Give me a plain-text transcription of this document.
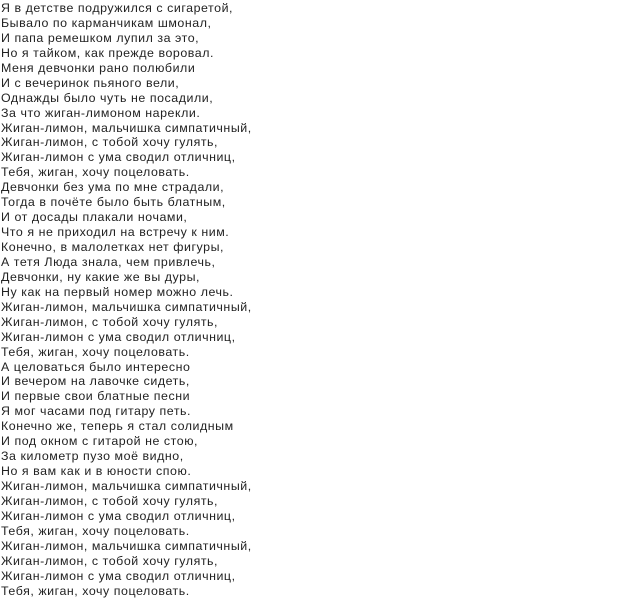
Я в детстве подружился с сигаретой,
Бывало по карманчикам шмонал,
И папа ремешком лупил за это,
Но я тайком, как прежде воровал.
Меня девчонки рано полюбили
И с вечеринок пьяного вели,
Однажды было чуть не посадили,
За что жиган-лимоном нарекли.
Жиган-лимон, мальчишка симпатичный,
Жиган-лимон, с тобой хочу гулять,
Жиган-лимон с ума сводил отличниц,
Тебя, жиган, хочу поцеловать.
Девчонки без ума по мне страдали,
Тогда в почёте было быть блатным,
И от досады плакали ночами,
Что я не приходил на встречу к ним.
Конечно, в малолетках нет фигуры,
А тетя Люда знала, чем привлечь,
Девчонки, ну какие же вы дуры,
Ну как на первый номер можно лечь.
Жиган-лимон, мальчишка симпатичный,
Жиган-лимон, с тобой хочу гулять,
Жиган-лимон с ума сводил отличниц,
Тебя, жиган, хочу поцеловать.
А целоваться было интересно
И вечером на лавочке сидеть,
И первые свои блатные песни
Я мог часами под гитару петь.
Конечно же, теперь я стал солидным
И под окном с гитарой не стою,
За километр пузо моё видно,
Но я вам как и в юности спою.
Жиган-лимон, мальчишка симпатичный,
Жиган-лимон, с тобой хочу гулять,
Жиган-лимон с ума сводил отличниц,
Тебя, жиган, хочу поцеловать.
Жиган-лимон, мальчишка симпатичный,
Жиган-лимон, с тобой хочу гулять,
Жиган-лимон с ума сводил отличниц,
Тебя, жиган, хочу поцеловать.
